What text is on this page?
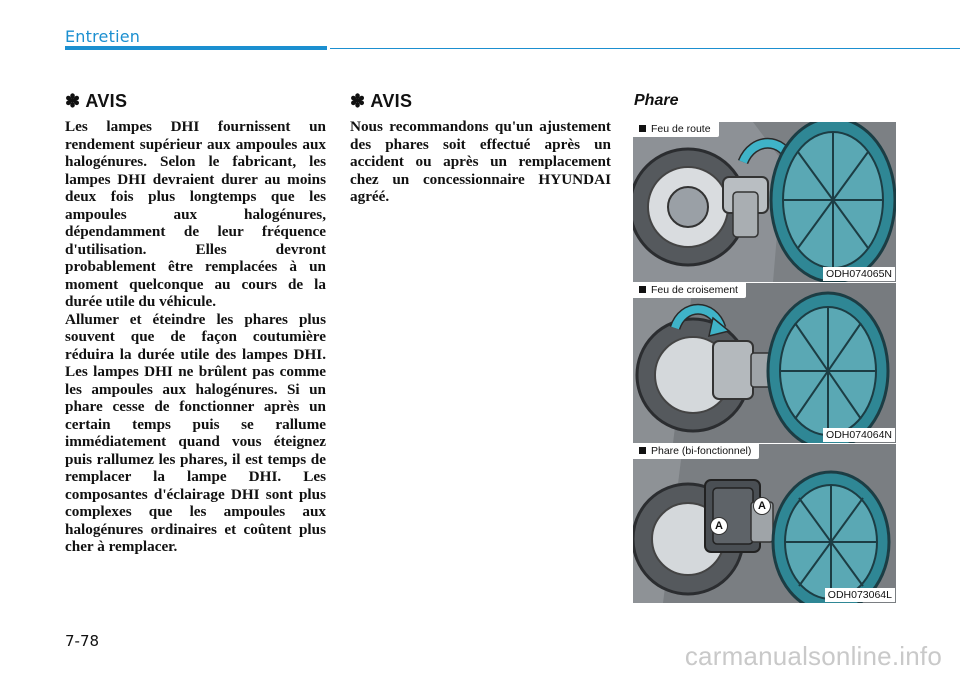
Entretien
✽ AVIS

Les lampes DHI fournissent un rendement supérieur aux ampoules aux halogénures. Selon le fabricant, les lampes DHI devraient durer au moins deux fois plus longtemps que les ampoules aux halogénures, dépendamment de leur fréquence d'utilisation. Elles devront probablement être remplacées à un moment quelconque au cours de la durée utile du véhicule.

Allumer et éteindre les phares plus souvent que de façon coutumière réduira la durée utile des lampes DHI. Les lampes DHI ne brûlent pas comme les ampoules aux halogénures. Si un phare cesse de fonctionner après un certain temps puis se rallume immédiatement quand vous éteignez puis rallumez les phares, il est temps de remplacer la lampe DHI. Les composantes d'éclairage DHI sont plus complexes que les ampoules aux halogénures ordinaires et coûtent plus cher à remplacer.

✽ AVIS

Nous recommandons qu'un ajustement des phares soit effectué après un accident ou après un remplacement chez un concessionnaire HYUNDAI agréé.

Phare
Feu de route
ODH074065N
Feu de croisement
ODH074064N
Phare (bi-fonctionnel)
A
A
ODH073064L
7-78	carmanualsonline.info
